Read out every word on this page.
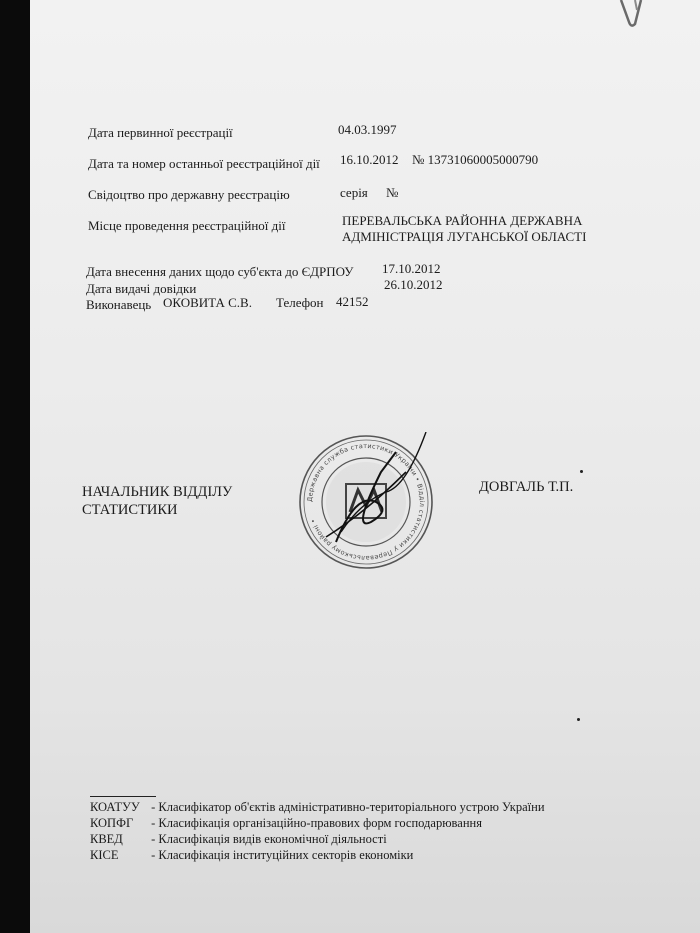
Дата первинної реєстрації	04.03.1997
Дата та номер останньої реєстраційної дії 16.10.2012 № 13731060005000790
Свідоцтво про державну реєстрацію	серія №
Місце проведення реєстраційної дії	ПЕРЕВАЛЬСЬКА РАЙОННА ДЕРЖАВНА
АДМІНІСТРАЦІЯ ЛУГАНСЬКОЇ ОБЛАСТІ
Дата внесення даних щодо суб'єкта до ЄДРПОУ 17.10.2012
Дата видачі довідки	26.10.2012
Виконавець ОКОВИТА С.В. Телефон 42152
НАЧАЛЬНИК ВІДДІЛУ
СТАТИСТИКИ
ДОВГАЛЬ Т.П.
Державна служба статистики України • Відділ статистики у Перевальському районі •
КОАТУУ - Класифікатор об'єктів адміністративно-територіального устрою України
КОПФГ - Класифікація організаційно-правових форм господарювання
КВЕД - Класифікація видів економічної діяльності
КІСЕ	- Класифікація інституційних секторів економіки
